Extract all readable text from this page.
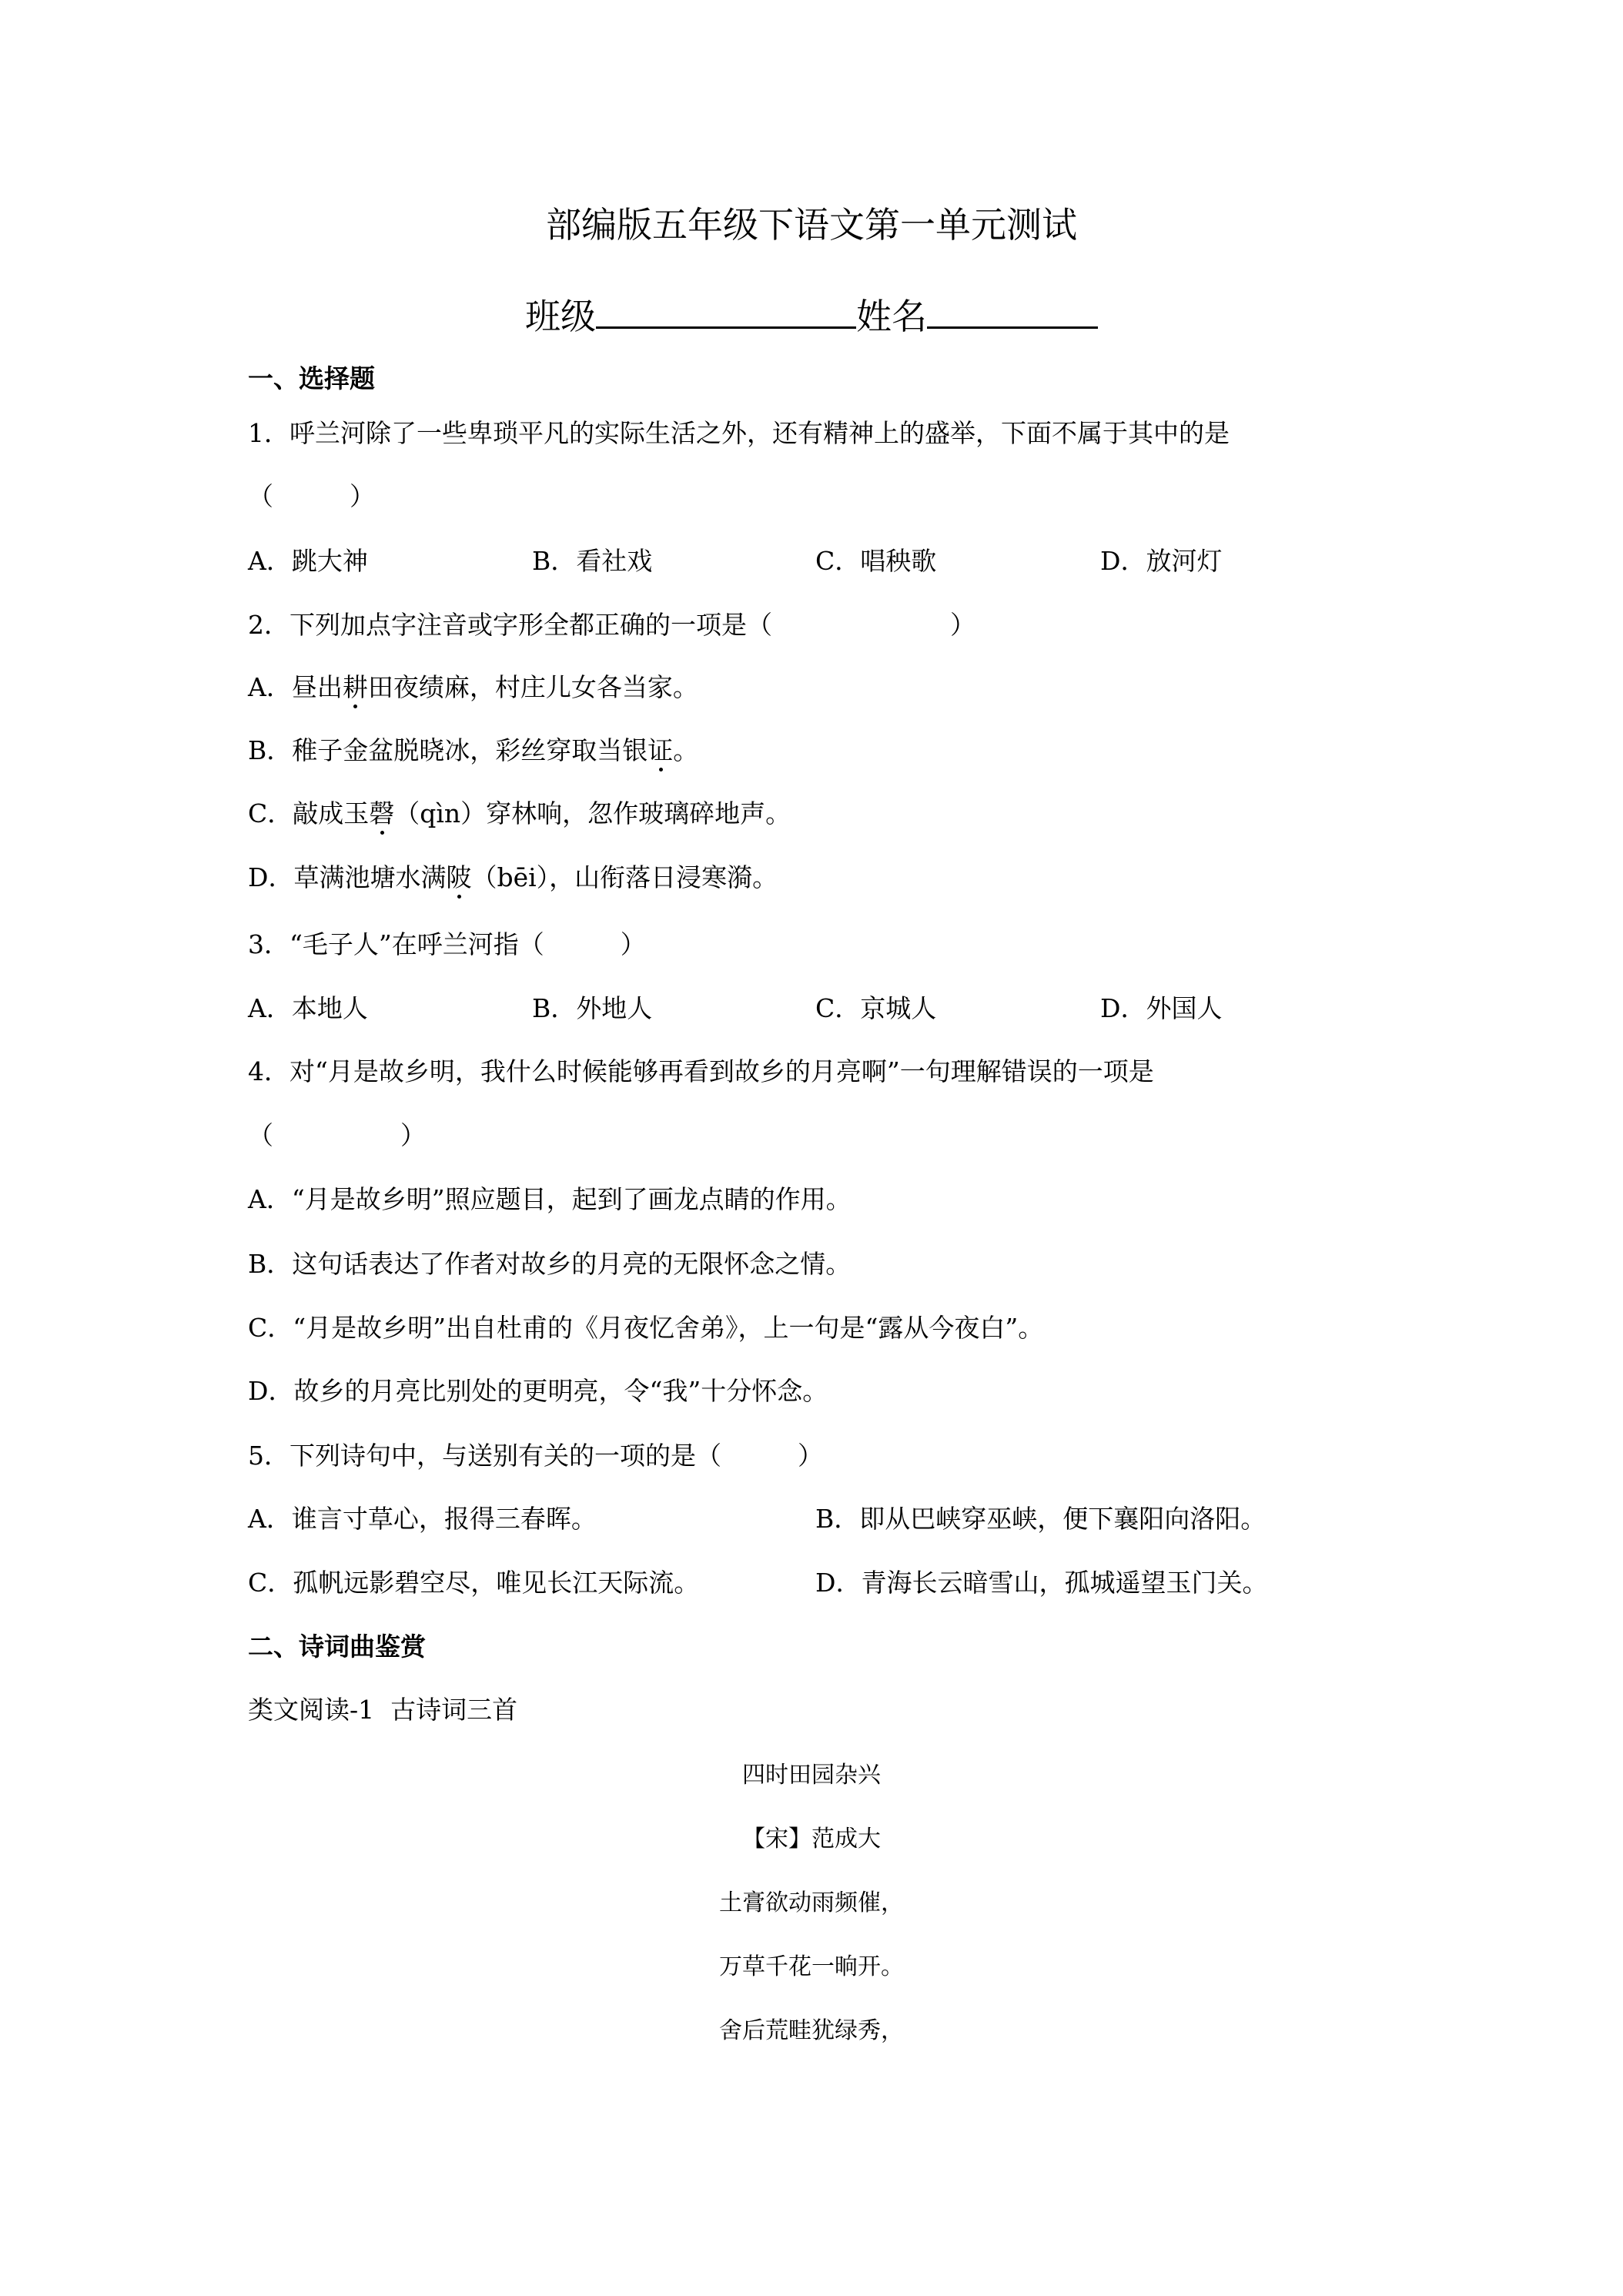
部编版五年级下语文第一单元测试
班级	姓名
一、选择题
1．呼兰河除了一些卑琐平凡的实际生活之外，还有精神上的盛举，下面不属于其中的是
（　　　）
A．跳大神	B．看社戏	C．唱秧歌	D．放河灯
2．下列加点字注音或字形全都正确的一项是（　　　　　　　）
A．昼出耕田夜绩麻，村庄儿女各当家。
B．稚子金盆脱晓冰，彩丝穿取当银证。
C．敲成玉磬（qìn）穿林响，忽作玻璃碎地声。
D．草满池塘水满陂（bēi），山衔落日浸寒漪。
3．“毛子人”在呼兰河指（　　　）
A．本地人	B．外地人	C．京城人	D．外国人
4．对“月是故乡明，我什么时候能够再看到故乡的月亮啊”一句理解错误的一项是
（　　　　　）
A．“月是故乡明”照应题目，起到了画龙点睛的作用。
B．这句话表达了作者对故乡的月亮的无限怀念之情。
C．“月是故乡明”出自杜甫的《月夜忆舍弟》，上一句是“露从今夜白”。
D．故乡的月亮比别处的更明亮，令“我”十分怀念。
5．下列诗句中，与送别有关的一项的是（　　　）
A．谁言寸草心，报得三春晖。	B．即从巴峡穿巫峡，便下襄阳向洛阳。
C．孤帆远影碧空尽，唯见长江天际流。	D．青海长云暗雪山，孤城遥望玉门关。
二、诗词曲鉴赏
类文阅读-1  古诗词三首
四时田园杂兴
【宋】范成大
土膏欲动雨频催，
万草千花一晌开。
舍后荒畦犹绿秀，
